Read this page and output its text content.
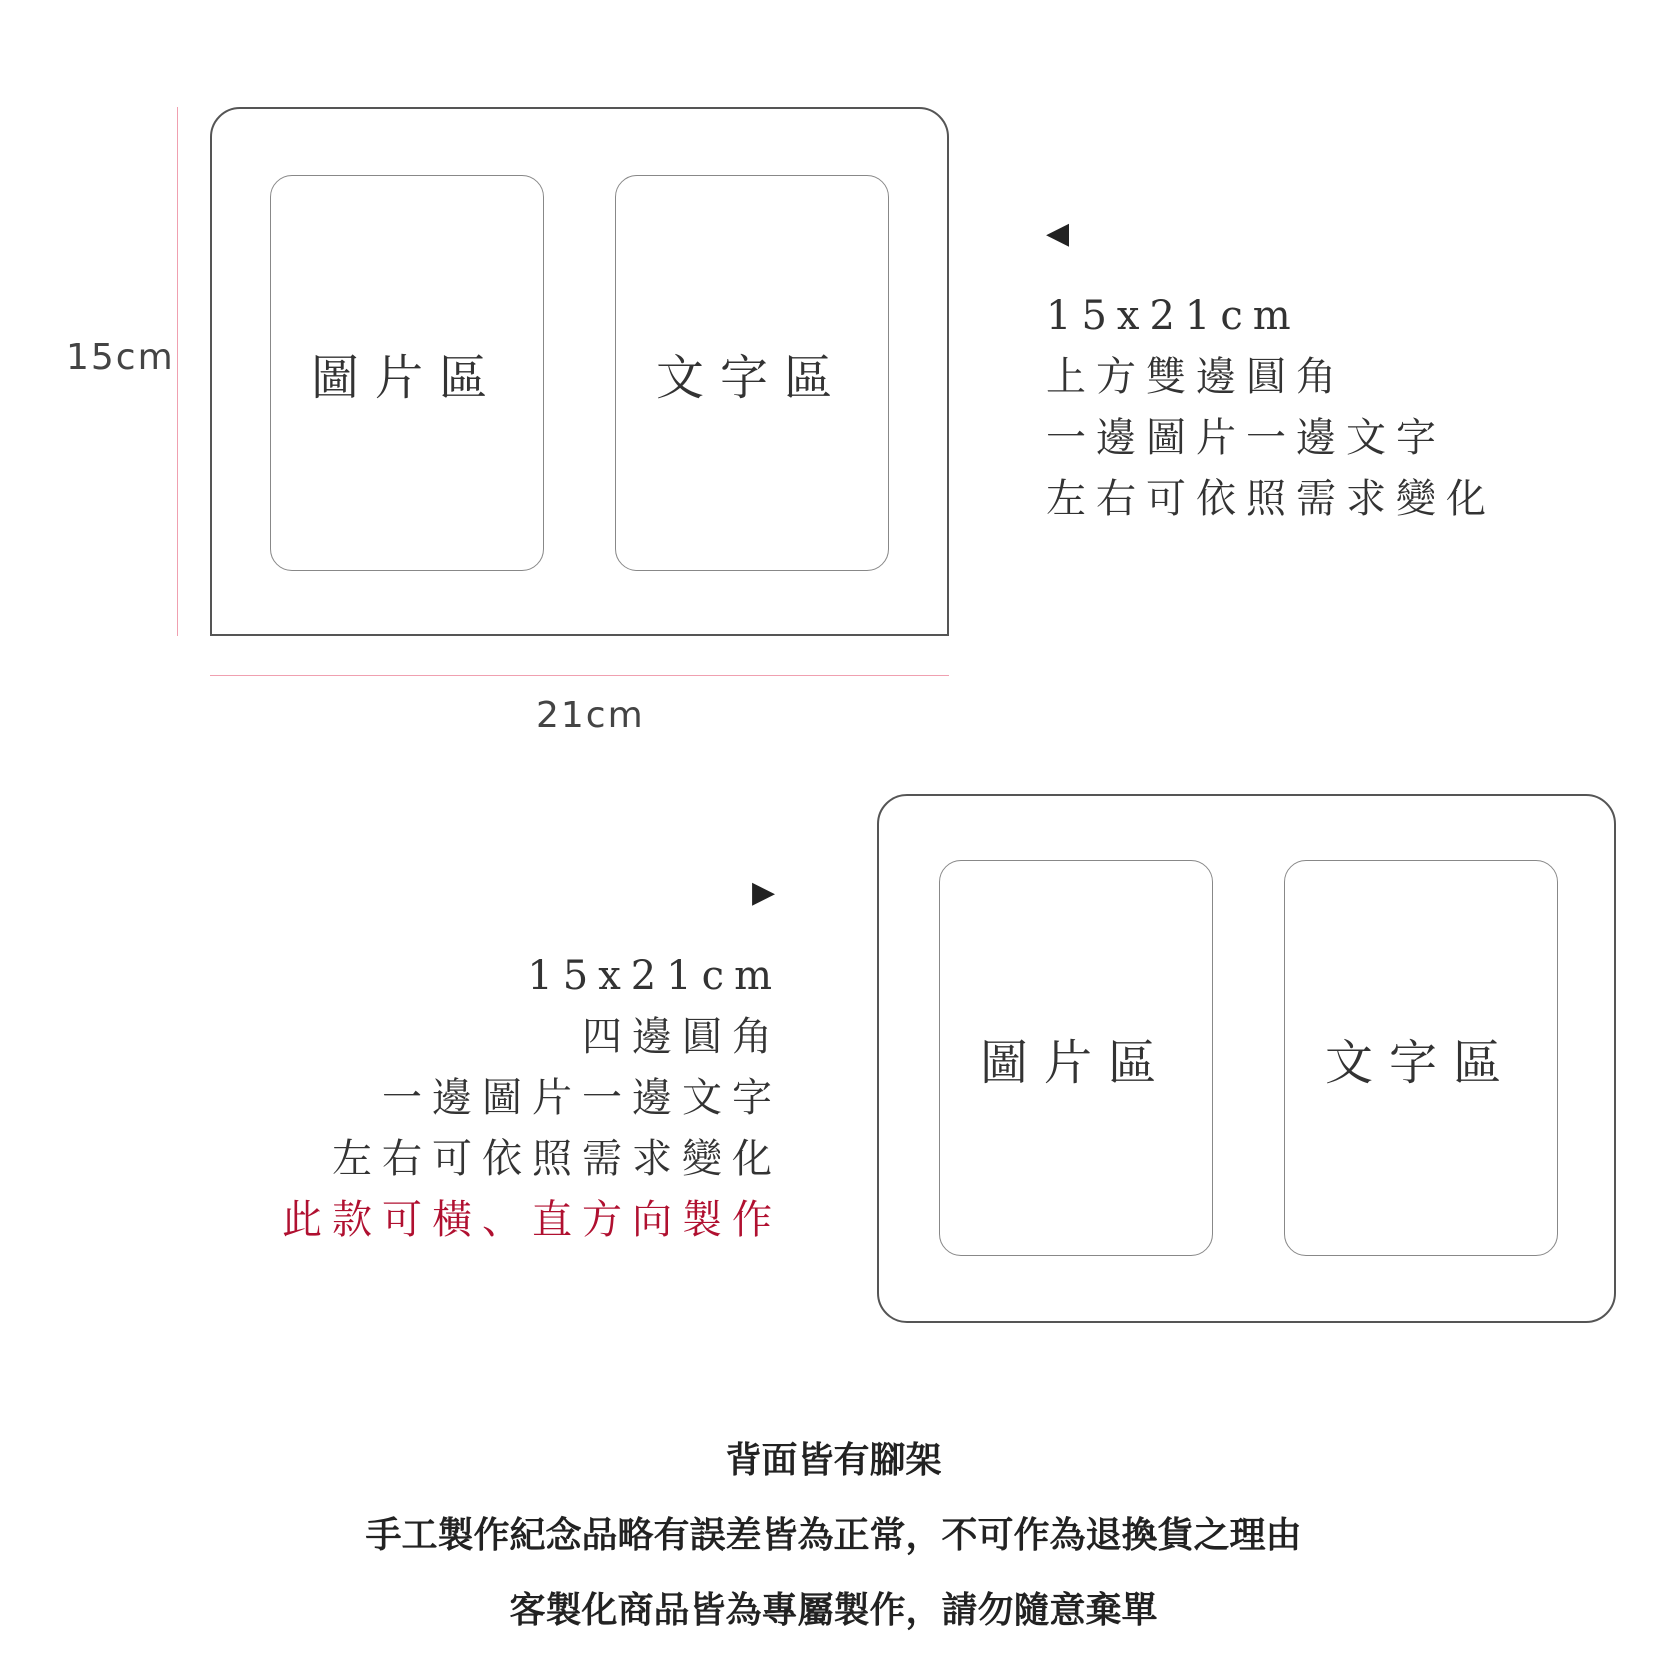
15cm
21cm
圖片區	文字區
◀
15x21cm
上方雙邊圓角
一邊圖片一邊文字
左右可依照需求變化
圖片區	文字區
▶
15x21cm
四邊圓角
一邊圖片一邊文字
左右可依照需求變化
此款可橫、直方向製作
背面皆有腳架
手工製作紀念品略有誤差皆為正常，不可作為退換貨之理由
客製化商品皆為專屬製作，請勿隨意棄單
